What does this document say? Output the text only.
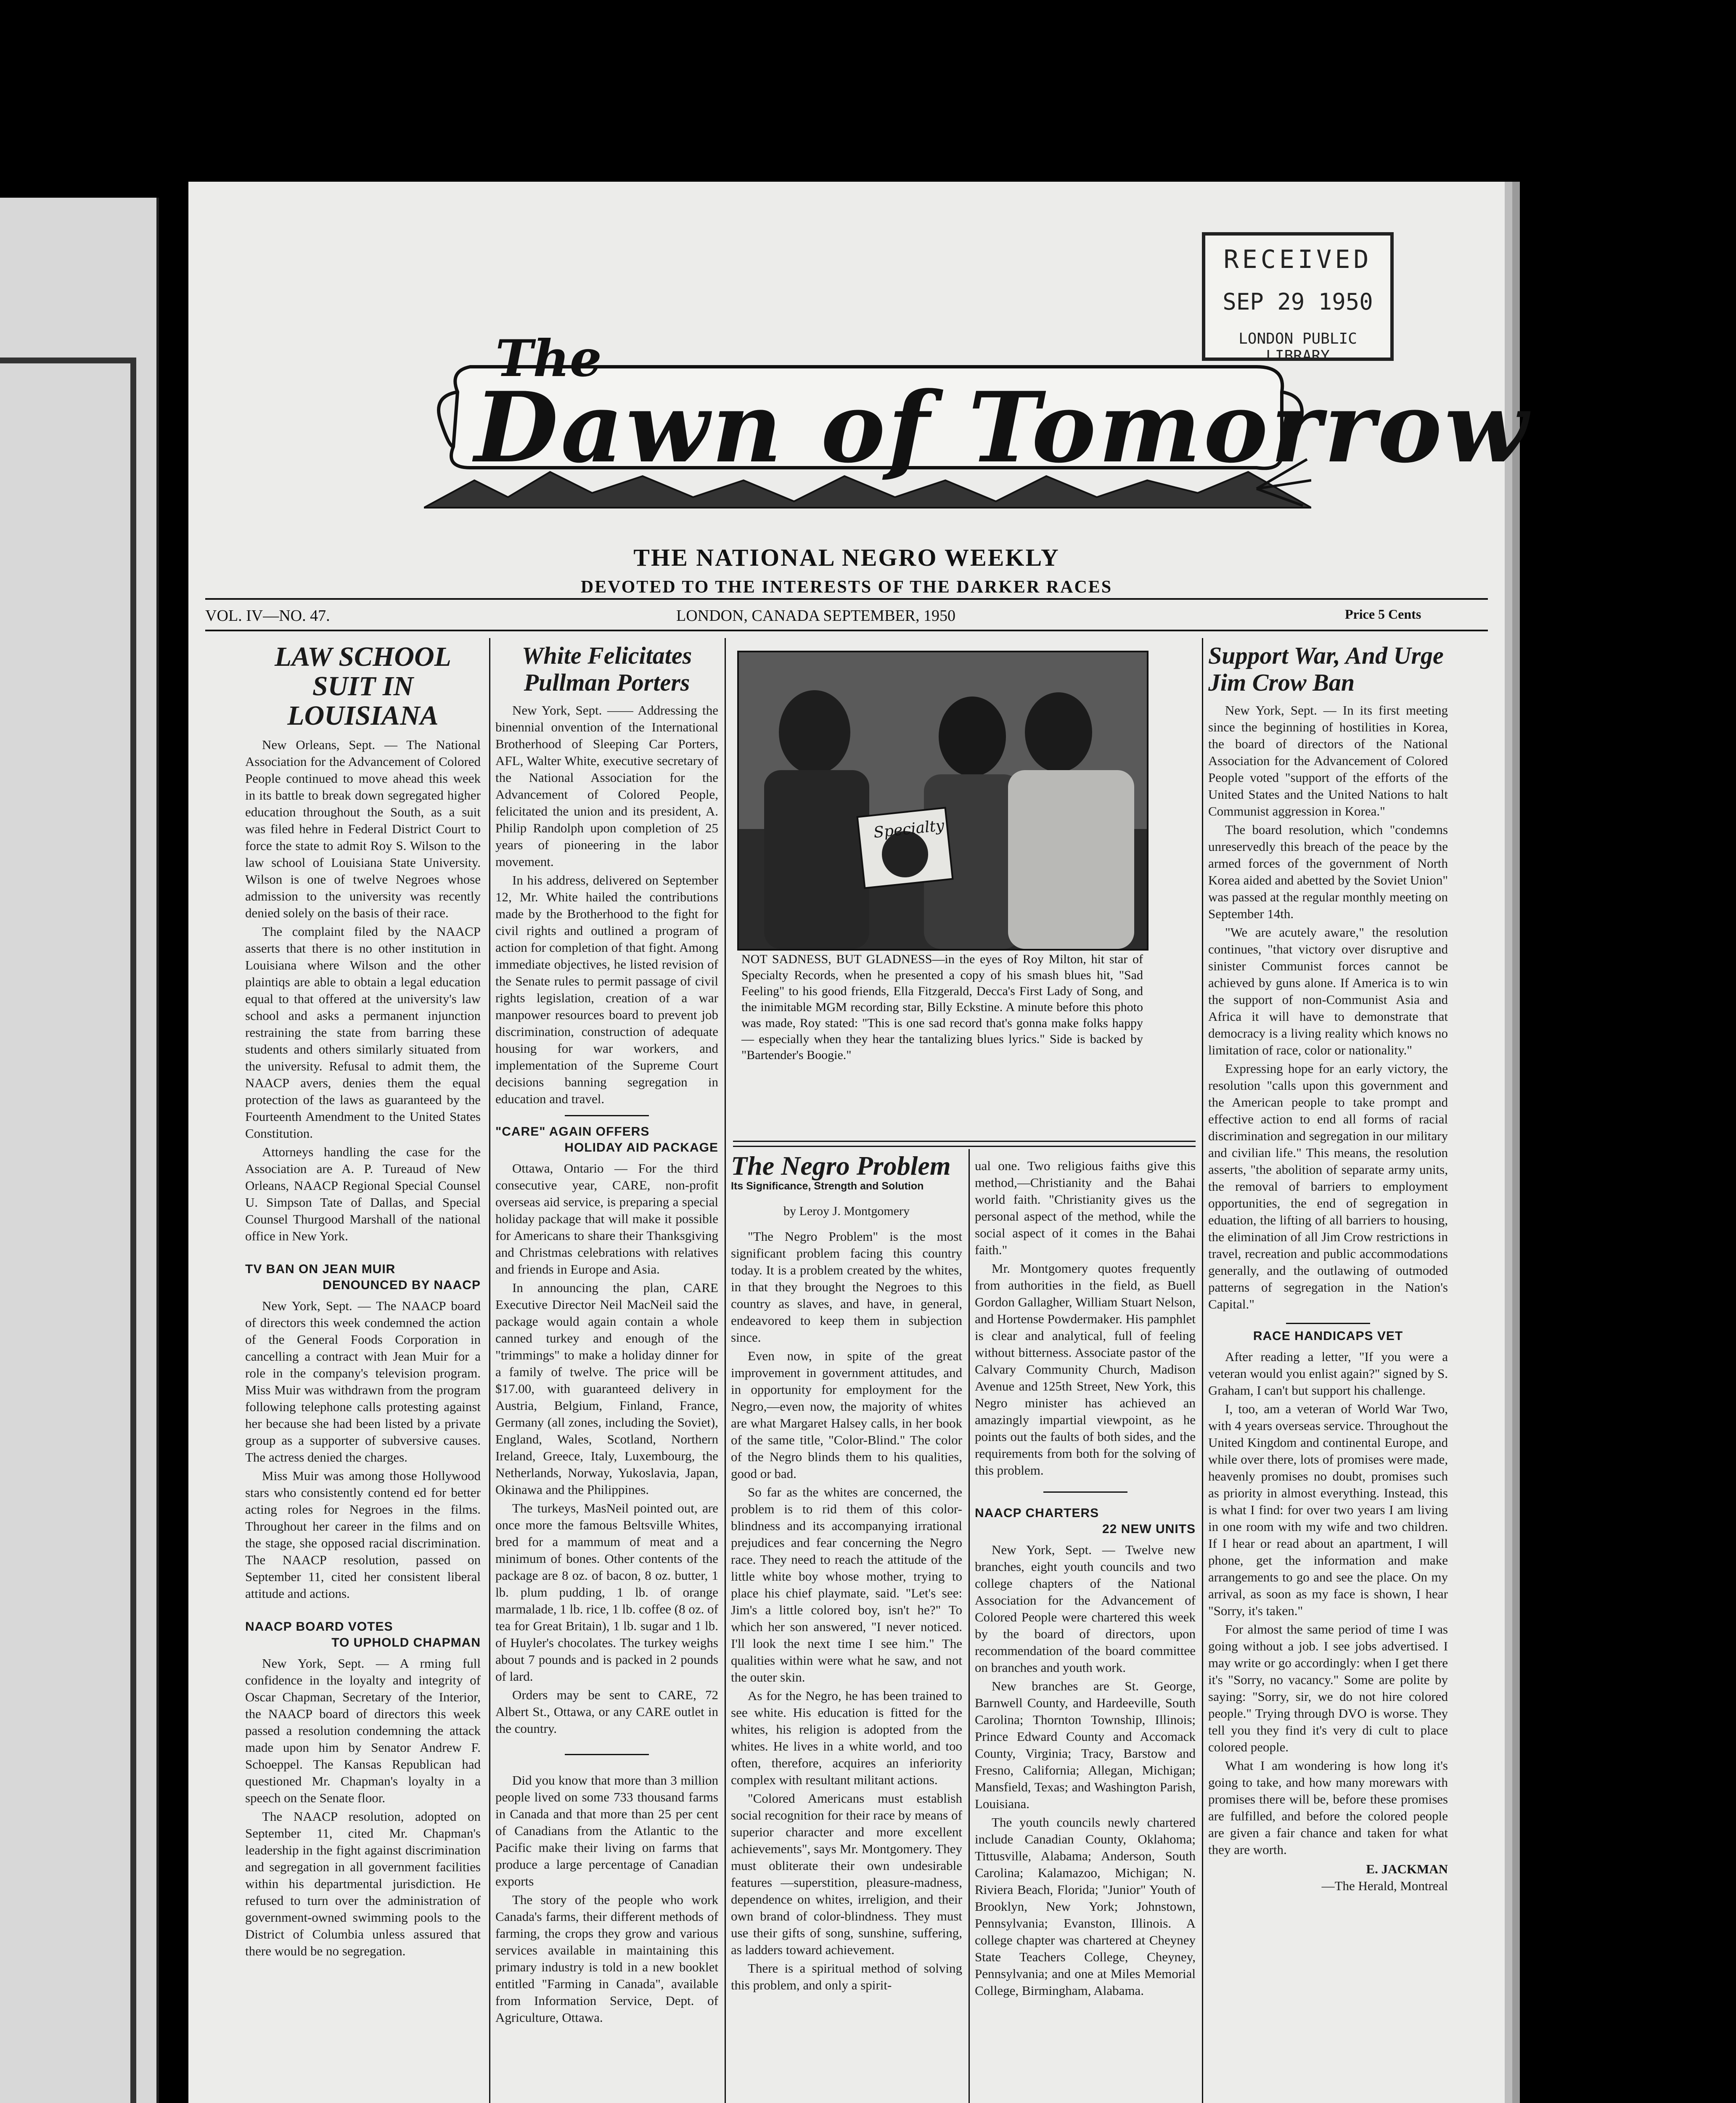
RECEIVED
SEP 29 1950
LONDON PUBLIC LIBRARY
The
Dawn of Tomorrow
THE NATIONAL NEGRO WEEKLY
DEVOTED TO THE INTERESTS OF THE DARKER RACES
VOL. IV—NO. 47.	LONDON, CANADA SEPTEMBER, 1950	Price 5 Cents
LAW SCHOOL SUIT IN LOUISIANA

New Orleans, Sept. — The National Association for the Advancement of Colored People continued to move ahead this week in its battle to break down segregated higher education throughout the South, as a suit was filed hehre in Federal District Court to force the state to admit Roy S. Wilson to the law school of Louisiana State University. Wilson is one of twelve Negroes whose admission to the university was recently denied solely on the basis of their race.

The complaint filed by the NAACP asserts that there is no other institution in Louisiana where Wilson and the other plaintiqs are able to obtain a legal education equal to that offered at the university's law school and asks a permanent injunction restraining the state from barring these students and others similarly situated from the university. Refusal to admit them, the NAACP avers, denies them the equal protection of the laws as guaranteed by the Fourteenth Amendment to the United States Constitution.

Attorneys handling the case for the Association are A. P. Tureaud of New Orleans, NAACP Regional Special Counsel U. Simpson Tate of Dallas, and Special Counsel Thurgood Marshall of the national office in New York.

TV BAN ON JEAN MUIR
DENOUNCED BY NAACP

New York, Sept. — The NAACP board of directors this week condemned the action of the General Foods Corporation in cancelling a contract with Jean Muir for a role in the company's television program. Miss Muir was withdrawn from the program following telephone calls protesting against her because she had been listed by a private group as a supporter of subversive causes. The actress denied the charges.

Miss Muir was among those Hollywood stars who consistently contend ed for better acting roles for Negroes in the films. Throughout her career in the films and on the stage, she opposed racial discrimination. The NAACP resolution, passed on September 11, cited her consistent liberal attitude and actions.

NAACP BOARD VOTES
TO UPHOLD CHAPMAN

New York, Sept. — A rming full confidence in the loyalty and integrity of Oscar Chapman, Secretary of the Interior, the NAACP board of directors this week passed a resolution condemning the attack made upon him by Senator Andrew F. Schoeppel. The Kansas Republican had questioned Mr. Chapman's loyalty in a speech on the Senate floor.

The NAACP resolution, adopted on September 11, cited Mr. Chapman's leadership in the fight against discrimination and segregation in all government facilities within his departmental jurisdiction. He refused to turn over the administration of government-owned swimming pools to the District of Columbia unless assured that there would be no segregation.

White Felicitates Pullman Porters

New York, Sept. —— Addressing the binennial onvention of the International Brotherhood of Sleeping Car Porters, AFL, Walter White, executive secretary of the National Association for the Advancement of Colored People, felicitated the union and its president, A. Philip Randolph upon completion of 25 years of pioneering in the labor movement.

In his address, delivered on September 12, Mr. White hailed the contributions made by the Brotherhood to the fight for civil rights and outlined a program of action for completion of that fight. Among immediate objectives, he listed revision of the Senate rules to permit passage of civil rights legislation, creation of a war manpower resources board to prevent job discrimination, construction of adequate housing for war workers, and implementation of the Supreme Court decisions banning segregation in education and travel.

"CARE" AGAIN OFFERS
HOLIDAY AID PACKAGE

Ottawa, Ontario — For the third consecutive year, CARE, non-profit overseas aid service, is preparing a special holiday package that will make it possible for Americans to share their Thanksgiving and Christmas celebrations with relatives and friends in Europe and Asia.

In announcing the plan, CARE Executive Director Neil MacNeil said the package would again contain a whole canned turkey and enough of the "trimmings" to make a holiday dinner for a family of twelve. The price will be $17.00, with guaranteed delivery in Austria, Belgium, Finland, France, Germany (all zones, including the Soviet), England, Wales, Scotland, Northern Ireland, Greece, Italy, Luxembourg, the Netherlands, Norway, Yukoslavia, Japan, Okinawa and the Philippines.

The turkeys, MasNeil pointed out, are once more the famous Beltsville Whites, bred for a mammum of meat and a minimum of bones. Other contents of the package are 8 oz. of bacon, 8 oz. butter, 1 lb. plum pudding, 1 lb. of orange marmalade, 1 lb. rice, 1 lb. coffee (8 oz. of tea for Great Britain), 1 lb. sugar and 1 lb. of Huyler's chocolates. The turkey weighs about 7 pounds and is packed in 2 pounds of lard.

Orders may be sent to CARE, 72 Albert St., Ottawa, or any CARE outlet in the country.

Did you know that more than 3 million people lived on some 733 thousand farms in Canada and that more than 25 per cent of Canadians from the Atlantic to the Pacific make their living on farms that produce a large percentage of Canadian exports

The story of the people who work Canada's farms, their different methods of farming, the crops they grow and various services available in maintaining this primary industry is told in a new booklet entitled "Farming in Canada", available from Information Service, Dept. of Agriculture, Ottawa.

Specialty
NOT SADNESS, BUT GLADNESS—in the eyes of Roy Milton, hit star of Specialty Records, when he presented a copy of his smash blues hit, "Sad Feeling" to his good friends, Ella Fitzgerald, Decca's First Lady of Song, and the inimitable MGM recording star, Billy Eckstine. A minute before this photo was made, Roy stated: "This is one sad record that's gonna make folks happy — especially when they hear the tantalizing blues lyrics." Side is backed by "Bartender's Boogie."
The Negro Problem
Its Significance, Strength and Solution
by Leroy J. Montgomery

"The Negro Problem" is the most significant problem facing this country today. It is a problem created by the whites, in that they brought the Negroes to this country as slaves, and have, in general, endeavored to keep them in subjection since.

Even now, in spite of the great improvement in government attitudes, and in opportunity for employment for the Negro,—even now, the majority of whites are what Margaret Halsey calls, in her book of the same title, "Color-Blind." The color of the Negro blinds them to his qualities, good or bad.

So far as the whites are concerned, the problem is to rid them of this color-blindness and its accompanying irrational prejudices and fear concerning the Negro race. They need to reach the attitude of the little white boy whose mother, trying to place his chief playmate, said. "Let's see: Jim's a little colored boy, isn't he?" To which her son answered, "I never noticed. I'll look the next time I see him." The qualities within were what he saw, and not the outer skin.

As for the Negro, he has been trained to see white. His education is fitted for the whites, his religion is adopted from the whites. He lives in a white world, and too often, therefore, acquires an inferiority complex with resultant militant actions.

"Colored Americans must establish social recognition for their race by means of superior character and more excellent achievements", says Mr. Montgomery. They must obliterate their own undesirable features —superstition, pleasure-madness, dependence on whites, irreligion, and their own brand of color-blindness. They must use their gifts of song, sunshine, suffering, as ladders toward achievement.

There is a spiritual method of solving this problem, and only a spirit-

ual one. Two religious faiths give this method,—Christianity and the Bahai world faith. "Christianity gives us the personal aspect of the method, while the social aspect of it comes in the Bahai faith."

Mr. Montgomery quotes frequently from authorities in the field, as Buell Gordon Gallagher, William Stuart Nelson, and Hortense Powdermaker. His pamphlet is clear and analytical, full of feeling without bitterness. Associate pastor of the Calvary Community Church, Madison Avenue and 125th Street, New York, this Negro minister has achieved an amazingly impartial viewpoint, as he points out the faults of both sides, and the requirements from both for the solving of this problem.

NAACP CHARTERS
22 NEW UNITS

New York, Sept. — Twelve new branches, eight youth councils and two college chapters of the National Association for the Advancement of Colored People were chartered this week by the board of directors, upon recommendation of the board committee on branches and youth work.

New branches are St. George, Barnwell County, and Hardeeville, South Carolina; Thornton Township, Illinois; Prince Edward County and Accomack County, Virginia; Tracy, Barstow and Fresno, California; Allegan, Michigan; Mansfield, Texas; and Washington Parish, Louisiana.

The youth councils newly chartered include Canadian County, Oklahoma; Tittusville, Alabama; Anderson, South Carolina; Kalamazoo, Michigan; N. Riviera Beach, Florida; "Junior" Youth of Brooklyn, New York; Johnstown, Pennsylvania; Evanston, Illinois. A college chapter was chartered at Cheyney State Teachers College, Cheyney, Pennsylvania; and one at Miles Memorial College, Birmingham, Alabama.

Support War, And Urge Jim Crow Ban

New York, Sept. — In its first meeting since the beginning of hostilities in Korea, the board of directors of the National Association for the Advancement of Colored People voted "support of the efforts of the United States and the United Nations to halt Communist aggression in Korea."

The board resolution, which "condemns unreservedly this breach of the peace by the armed forces of the government of North Korea aided and abetted by the Soviet Union" was passed at the regular monthly meeting on September 14th.

"We are acutely aware," the resolution continues, "that victory over disruptive and sinister Communist forces cannot be achieved by guns alone. If America is to win the support of non-Communist Asia and Africa it will have to demonstrate that democracy is a living reality which knows no limitation of race, color or nationality."

Expressing hope for an early victory, the resolution "calls upon this government and the American people to take prompt and effective action to end all forms of racial discrimination and segregation in our military and civilian life." This means, the resolution asserts, "the abolition of separate army units, the removal of barriers to employment opportunities, the end of segregation in eduation, the lifting of all barriers to housing, the elimination of all Jim Crow restrictions in travel, recreation and public accommodations generally, and the outlawing of outmoded patterns of segregation in the Nation's Capital."

RACE HANDICAPS VET

After reading a letter, "If you were a veteran would you enlist again?" signed by S. Graham, I can't but support his challenge.

I, too, am a veteran of World War Two, with 4 years overseas service. Throughout the United Kingdom and continental Europe, and while over there, lots of promises were made, heavenly promises no doubt, promises such as priority in almost everything. Instead, this is what I find: for over two years I am living in one room with my wife and two children. If I hear or read about an apartment, I will phone, get the information and make arrangements to go and see the place. On my arrival, as soon as my face is shown, I hear "Sorry, it's taken."

For almost the same period of time I was going without a job. I see jobs advertised. I may write or go accordingly: when I get there it's "Sorry, no vacancy." Some are polite by saying: "Sorry, sir, we do not hire colored people." Trying through DVO is worse. They tell you they find it's very di cult to place colored people.

What I am wondering is how long it's going to take, and how many morewars with promises there will be, before these promises are fulfilled, and before the colored people are given a fair chance and taken for what they are worth.

E. JACKMAN
—The Herald, Montreal
